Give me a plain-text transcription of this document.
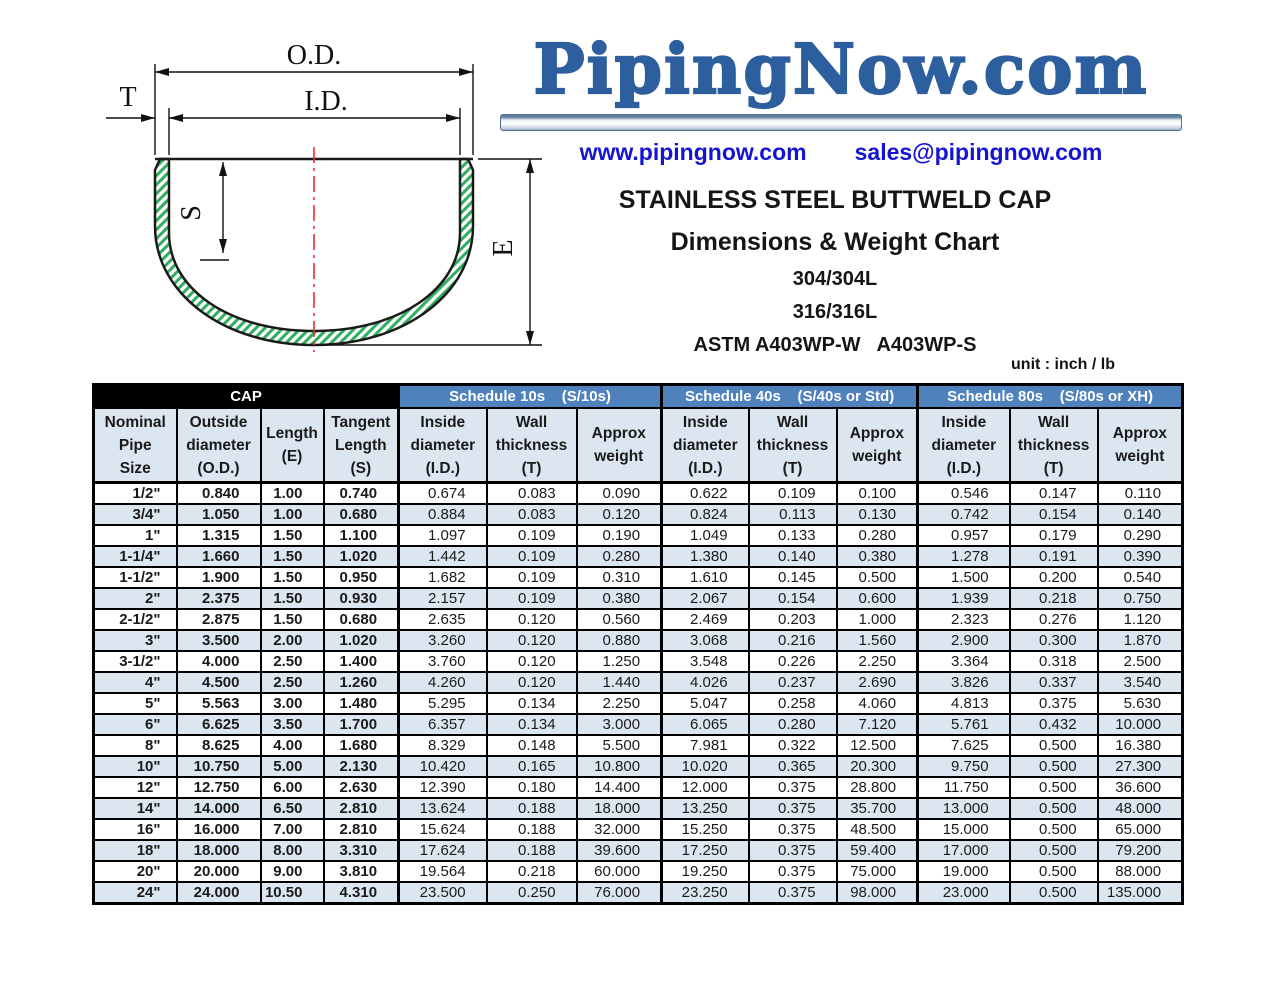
O.D.
I.D.
T
S
E
PipingNow.com
www.pipingnow.com sales@pipingnow.com
STAINLESS STEEL BUTTWELD CAP
Dimensions & Weight Chart
304/304L
316/316L
ASTM A403WP-W   A403WP-S
unit : inch / lb
CAP				Schedule 10s    (S/10s)			Schedule 40s    (S/40s or Std)			Schedule 80s    (S/80s or XH)		

Nominal
Pipe
Size

Outside
diameter
(O.D.)

Length
(E)

Tangent
Length
(S)

Inside
diameter
(I.D.)

Wall
thickness
(T)

Approx
weight

Inside
diameter
(I.D.)

Wall
thickness
(T)

Approx
weight

Inside
diameter
(I.D.)

Wall
thickness
(T)

Approx
weight

1/2"	0.840	1.00	0.740	0.674	0.083	0.090	0.622	0.109	0.100	0.546	0.147	0.110
3/4"	1.050	1.00	0.680	0.884	0.083	0.120	0.824	0.113	0.130	0.742	0.154	0.140
1"	1.315	1.50	1.100	1.097	0.109	0.190	1.049	0.133	0.280	0.957	0.179	0.290
1-1/4"	1.660	1.50	1.020	1.442	0.109	0.280	1.380	0.140	0.380	1.278	0.191	0.390
1-1/2"	1.900	1.50	0.950	1.682	0.109	0.310	1.610	0.145	0.500	1.500	0.200	0.540
2"	2.375	1.50	0.930	2.157	0.109	0.380	2.067	0.154	0.600	1.939	0.218	0.750
2-1/2"	2.875	1.50	0.680	2.635	0.120	0.560	2.469	0.203	1.000	2.323	0.276	1.120
3"	3.500	2.00	1.020	3.260	0.120	0.880	3.068	0.216	1.560	2.900	0.300	1.870
3-1/2"	4.000	2.50	1.400	3.760	0.120	1.250	3.548	0.226	2.250	3.364	0.318	2.500
4"	4.500	2.50	1.260	4.260	0.120	1.440	4.026	0.237	2.690	3.826	0.337	3.540
5"	5.563	3.00	1.480	5.295	0.134	2.250	5.047	0.258	4.060	4.813	0.375	5.630
6"	6.625	3.50	1.700	6.357	0.134	3.000	6.065	0.280	7.120	5.761	0.432	10.000
8"	8.625	4.00	1.680	8.329	0.148	5.500	7.981	0.322	12.500	7.625	0.500	16.380
10"	10.750	5.00	2.130	10.420	0.165	10.800	10.020	0.365	20.300	9.750	0.500	27.300
12"	12.750	6.00	2.630	12.390	0.180	14.400	12.000	0.375	28.800	11.750	0.500	36.600
14"	14.000	6.50	2.810	13.624	0.188	18.000	13.250	0.375	35.700	13.000	0.500	48.000
16"	16.000	7.00	2.810	15.624	0.188	32.000	15.250	0.375	48.500	15.000	0.500	65.000
18"	18.000	8.00	3.310	17.624	0.188	39.600	17.250	0.375	59.400	17.000	0.500	79.200
20"	20.000	9.00	3.810	19.564	0.218	60.000	19.250	0.375	75.000	19.000	0.500	88.000
24"	24.000	10.50	4.310	23.500	0.250	76.000	23.250	0.375	98.000	23.000	0.500	135.000
